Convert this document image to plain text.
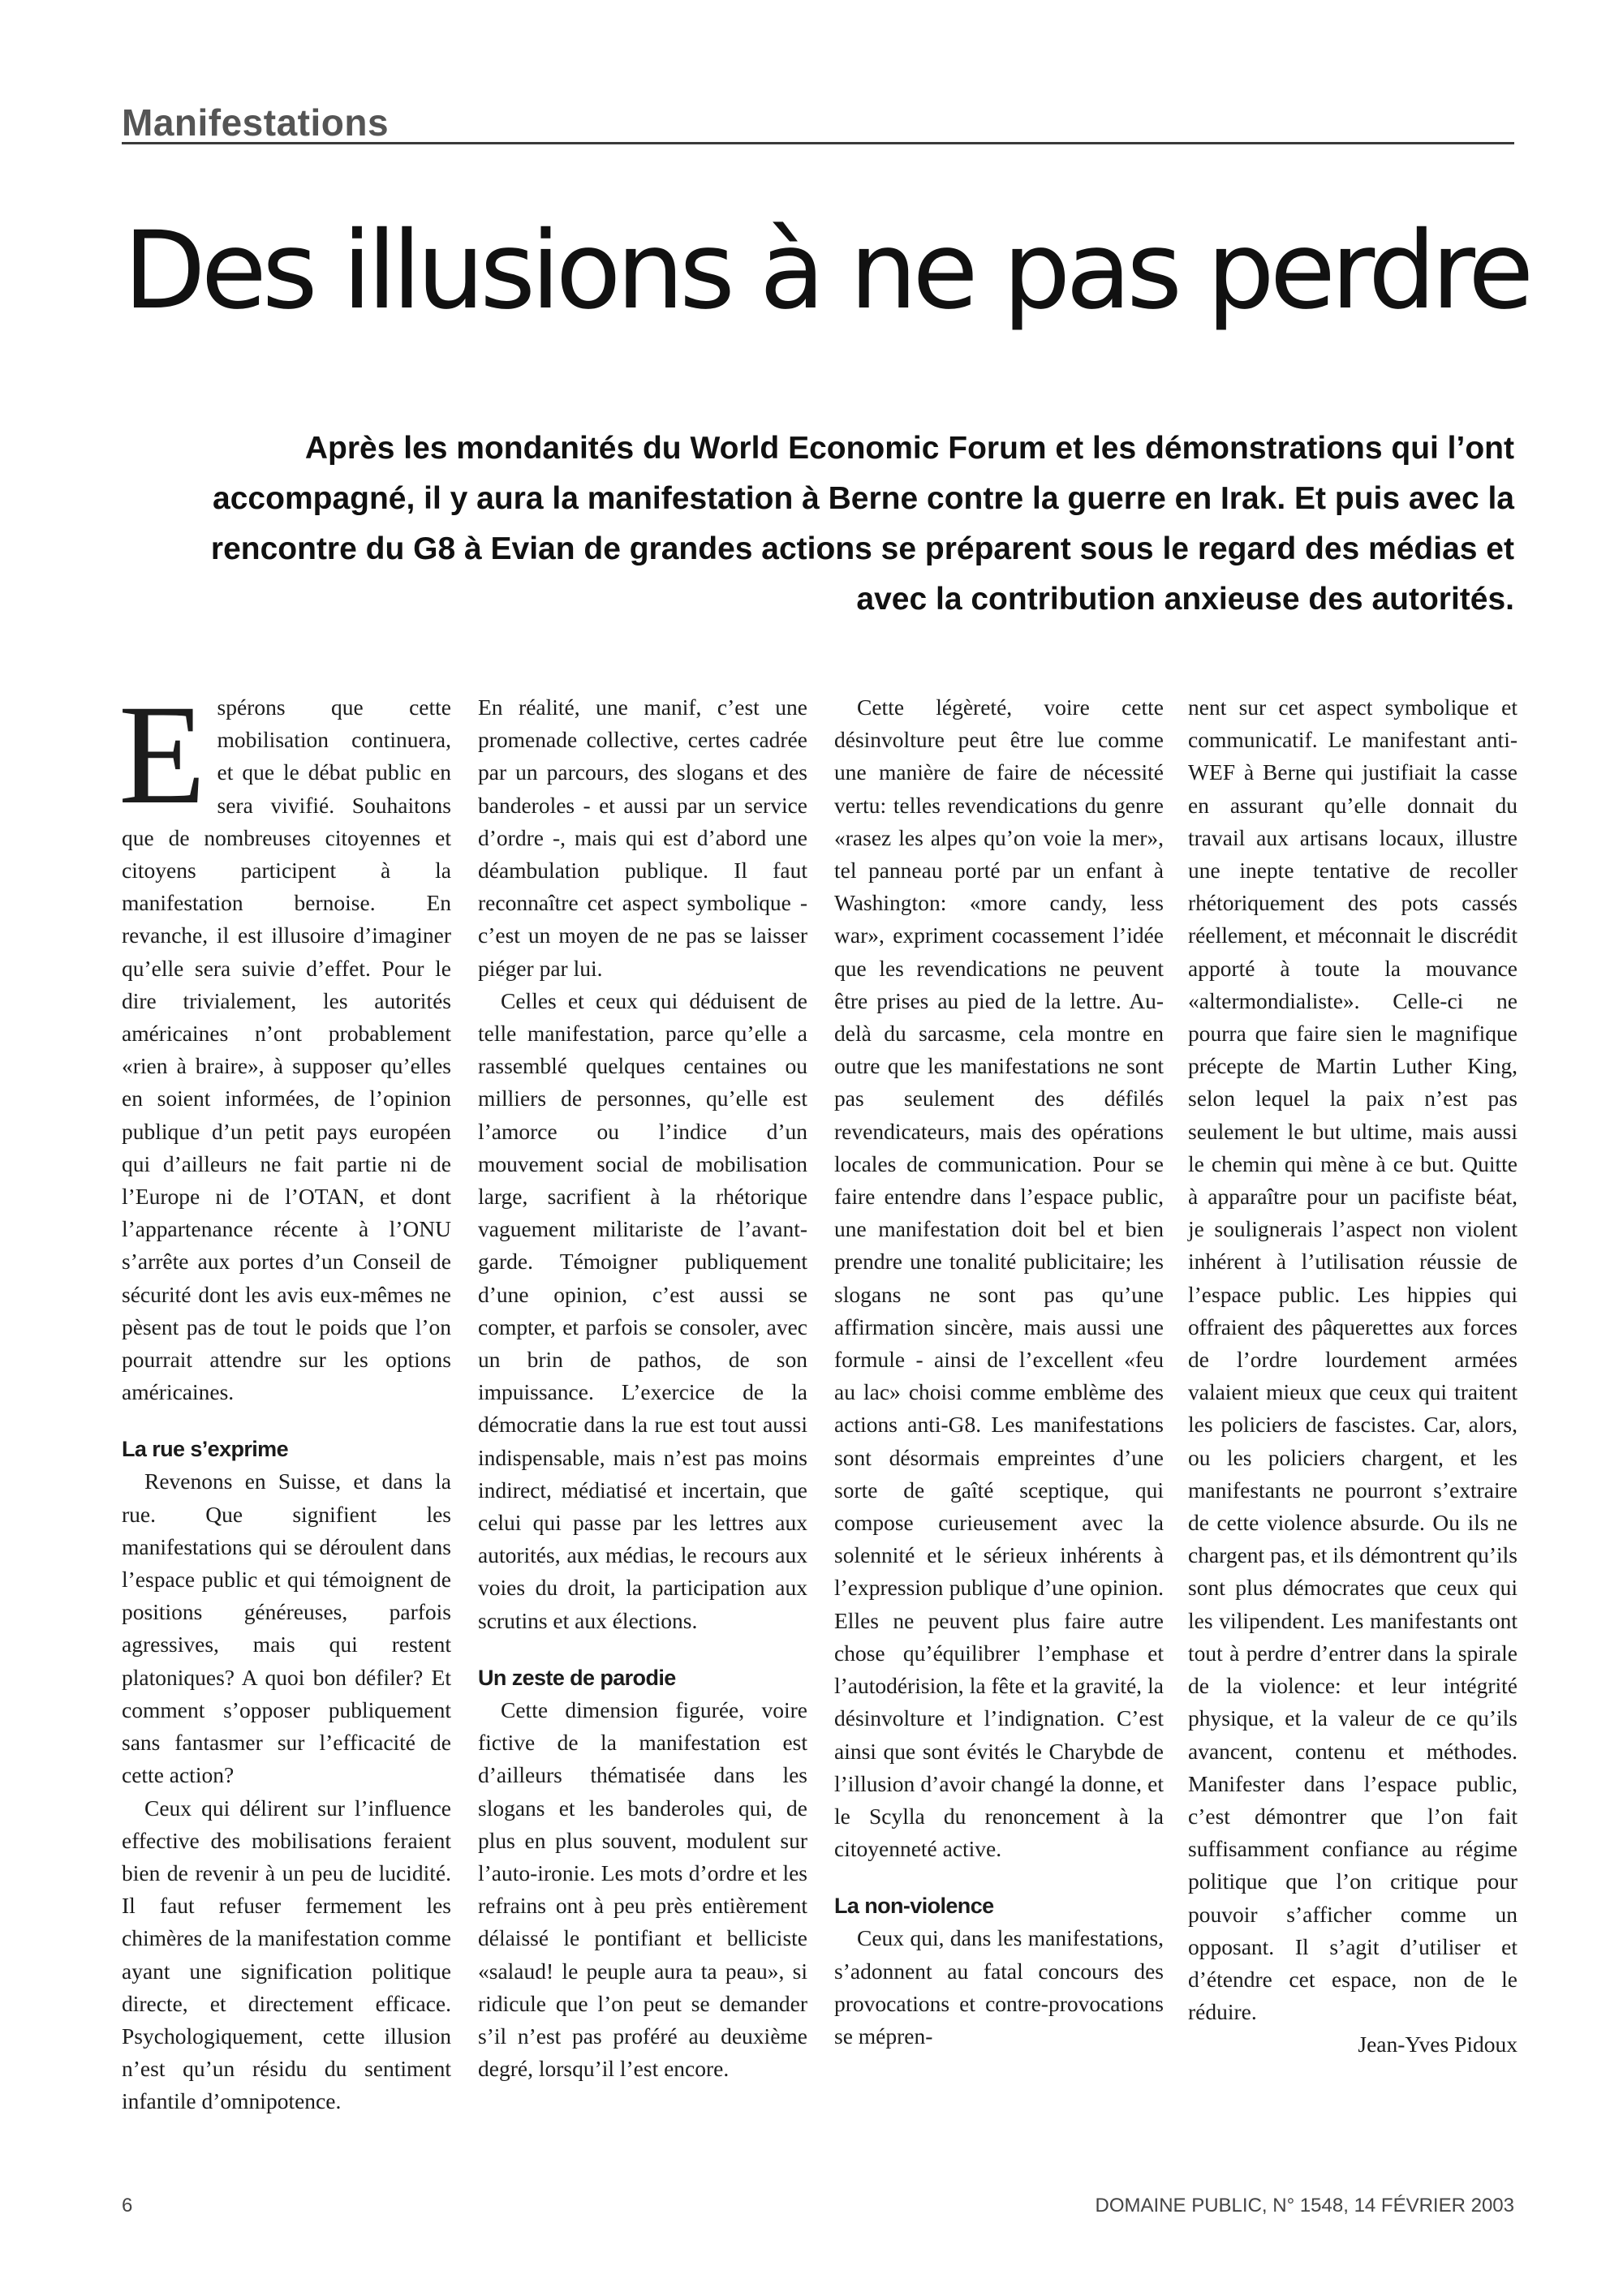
Manifestations
Des illusions à ne pas perdre
Après les mondanités du World Economic Forum et les démonstrations qui l’ont accompagné, il y aura la manifestation à Berne contre la guerre en Irak. Et puis avec la rencontre du G8 à Evian de grandes actions se préparent sous le regard des médias et avec la contribution anxieuse des autorités.

Espérons que cette mobilisation continuera, et que le débat public en sera vivifié. Souhaitons que de nombreuses citoyennes et citoyens participent à la manifestation bernoise. En revanche, il est illusoire d’imaginer qu’elle sera suivie d’effet. Pour le dire trivialement, les autorités américaines n’ont probablement «rien à braire», à supposer qu’elles en soient informées, de l’opinion publique d’un petit pays européen qui d’ailleurs ne fait partie ni de l’Europe ni de l’OTAN, et dont l’appartenance récente à l’ONU s’arrête aux portes d’un Conseil de sécurité dont les avis eux-mêmes ne pèsent pas de tout le poids que l’on pourrait attendre sur les options américaines.

La rue s’exprime

Revenons en Suisse, et dans la rue. Que signifient les manifestations qui se déroulent dans l’espace public et qui témoignent de positions généreuses, parfois agressives, mais qui restent platoniques? A quoi bon défiler? Et comment s’opposer publiquement sans fantasmer sur l’efficacité de cette action?

Ceux qui délirent sur l’influence effective des mobilisations feraient bien de revenir à un peu de lucidité. Il faut refuser fermement les chimères de la manifestation comme ayant une signification politique directe, et directement efficace. Psychologiquement, cette illusion n’est qu’un résidu du sentiment infantile d’omnipotence.

En réalité, une manif, c’est une promenade collective, certes cadrée par un parcours, des slogans et des banderoles - et aussi par un service d’ordre -, mais qui est d’abord une déambulation publique. Il faut reconnaître cet aspect symbolique - c’est un moyen de ne pas se laisser piéger par lui.

Celles et ceux qui déduisent de telle manifestation, parce qu’elle a rassemblé quelques centaines ou milliers de personnes, qu’elle est l’amorce ou l’indice d’un mouvement social de mobilisation large, sacrifient à la rhétorique vaguement militariste de l’avant-garde. Témoigner publiquement d’une opinion, c’est aussi se compter, et parfois se consoler, avec un brin de pathos, de son impuissance. L’exercice de la démocratie dans la rue est tout aussi indispensable, mais n’est pas moins indirect, médiatisé et incertain, que celui qui passe par les lettres aux autorités, aux médias, le recours aux voies du droit, la participation aux scrutins et aux élections.

Un zeste de parodie

Cette dimension figurée, voire fictive de la manifestation est d’ailleurs thématisée dans les slogans et les banderoles qui, de plus en plus souvent, modulent sur l’auto-ironie. Les mots d’ordre et les refrains ont à peu près entièrement délaissé le pontifiant et belliciste «salaud! le peuple aura ta peau», si ridicule que l’on peut se demander s’il n’est pas proféré au deuxième degré, lorsqu’il l’est encore.

Cette légèreté, voire cette désinvolture peut être lue comme une manière de faire de nécessité vertu: telles revendications du genre «rasez les alpes qu’on voie la mer», tel panneau porté par un enfant à Washington: «more candy, less war», expriment cocassement l’idée que les revendications ne peuvent être prises au pied de la lettre. Au-delà du sarcasme, cela montre en outre que les manifestations ne sont pas seulement des défilés revendicateurs, mais des opérations locales de communication. Pour se faire entendre dans l’espace public, une manifestation doit bel et bien prendre une tonalité publicitaire; les slogans ne sont pas qu’une affirmation sincère, mais aussi une formule - ainsi de l’excellent «feu au lac» choisi comme emblème des actions anti-G8. Les manifestations sont désormais empreintes d’une sorte de gaîté sceptique, qui compose curieusement avec la solennité et le sérieux inhérents à l’expression publique d’une opinion. Elles ne peuvent plus faire autre chose qu’équilibrer l’emphase et l’autodérision, la fête et la gravité, la désinvolture et l’indignation. C’est ainsi que sont évités le Charybde de l’illusion d’avoir changé la donne, et le Scylla du renoncement à la citoyenneté active.

La non-violence

Ceux qui, dans les manifestations, s’adonnent au fatal concours des provocations et contre-provocations se mépren-

nent sur cet aspect symbolique et communicatif. Le manifestant anti-WEF à Berne qui justifiait la casse en assurant qu’elle donnait du travail aux artisans locaux, illustre une inepte tentative de recoller rhétoriquement des pots cassés réellement, et méconnait le discrédit apporté à toute la mouvance «altermondialiste». Celle-ci ne pourra que faire sien le magnifique précepte de Martin Luther King, selon lequel la paix n’est pas seulement le but ultime, mais aussi le chemin qui mène à ce but. Quitte à apparaître pour un pacifiste béat, je soulignerais l’aspect non violent inhérent à l’utilisation réussie de l’espace public. Les hippies qui offraient des pâquerettes aux forces de l’ordre lourdement armées valaient mieux que ceux qui traitent les policiers de fascistes. Car, alors, ou les policiers chargent, et les manifestants ne pourront s’extraire de cette violence absurde. Ou ils ne chargent pas, et ils démontrent qu’ils sont plus démocrates que ceux qui les vilipendent. Les manifestants ont tout à perdre d’entrer dans la spirale de la violence: et leur intégrité physique, et la valeur de ce qu’ils avancent, contenu et méthodes. Manifester dans l’espace public, c’est démontrer que l’on fait suffisamment confiance au régime politique que l’on critique pour pouvoir s’afficher comme un opposant. Il s’agit d’utiliser et d’étendre cet espace, non de le réduire.

Jean-Yves Pidoux

6	DOMAINE PUBLIC, N° 1548, 14 FÉVRIER 2003
